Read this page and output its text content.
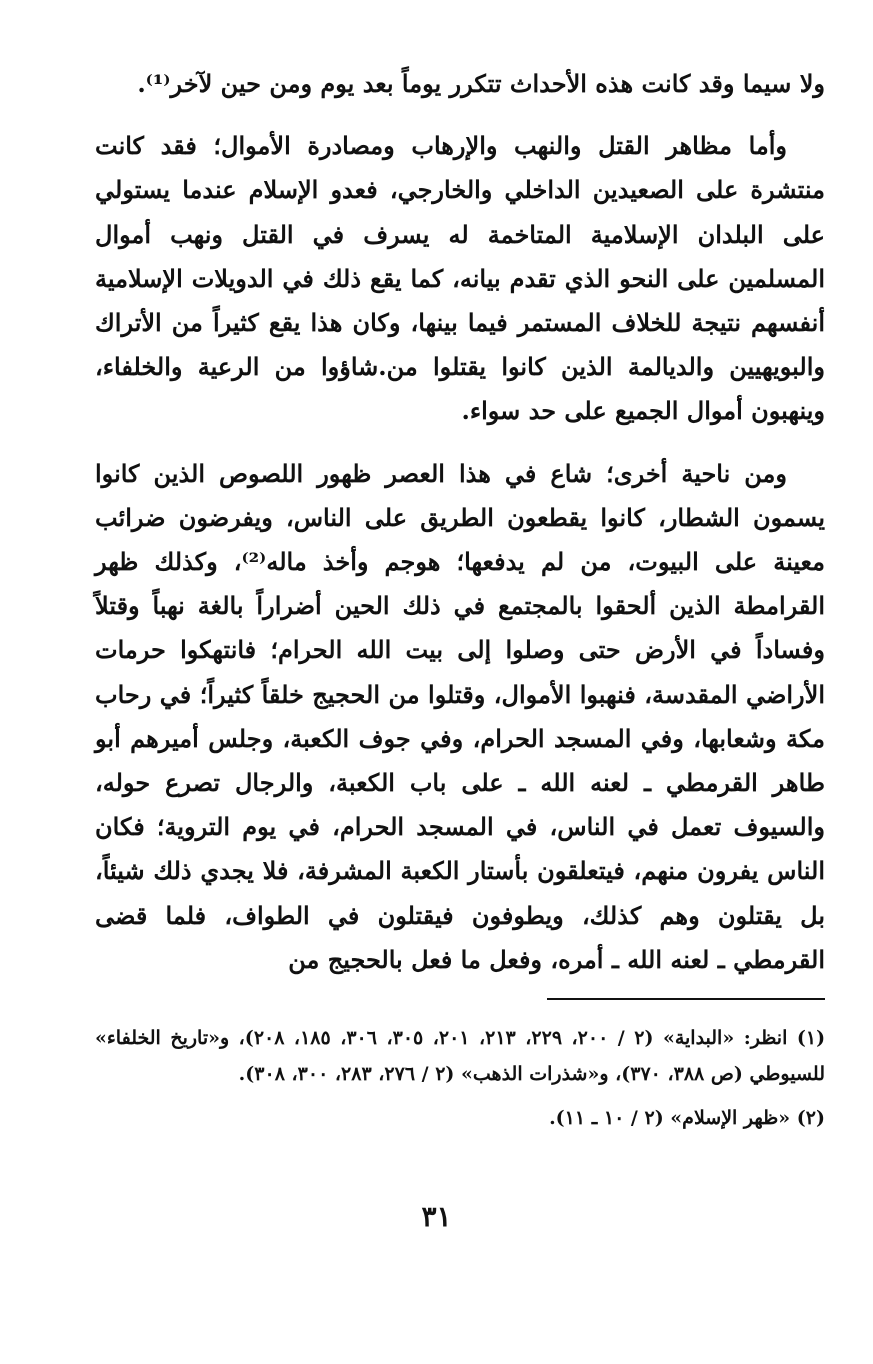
ولا سيما وقد كانت هذه الأحداث تتكرر يوماً بعد يوم ومن حين لآخر⁽¹⁾.

وأما مظاهر القتل والنهب والإرهاب ومصادرة الأموال؛ فقد كانت منتشرة على الصعيدين الداخلي والخارجي، فعدو الإسلام عندما يستولي على البلدان الإسلامية المتاخمة له يسرف في القتل ونهب أموال المسلمين على النحو الذي تقدم بيانه، كما يقع ذلك في الدويلات الإسلامية أنفسهم نتيجة للخلاف المستمر فيما بينها، وكان هذا يقع كثيراً من الأتراك والبويهيين والديالمة الذين كانوا يقتلوا من.شاؤوا من الرعية والخلفاء، وينهبون أموال الجميع على حد سواء.

ومن ناحية أخرى؛ شاع في هذا العصر ظهور اللصوص الذين كانوا يسمون الشطار، كانوا يقطعون الطريق على الناس، ويفرضون ضرائب معينة على البيوت، من لم يدفعها؛ هوجم وأخذ ماله⁽²⁾، وكذلك ظهر القرامطة الذين ألحقوا بالمجتمع في ذلك الحين أضراراً بالغة نهباً وقتلاً وفساداً في الأرض حتى وصلوا إلى بيت الله الحرام؛ فانتهكوا حرمات الأراضي المقدسة، فنهبوا الأموال، وقتلوا من الحجيج خلقاً كثيراً؛ في رحاب مكة وشعابها، وفي المسجد الحرام، وفي جوف الكعبة، وجلس أميرهم أبو طاهر القرمطي ـ لعنه الله ـ على باب الكعبة، والرجال تصرع حوله، والسيوف تعمل في الناس، في المسجد الحرام، في يوم التروية؛ فكان الناس يفرون منهم، فيتعلقون بأستار الكعبة المشرفة، فلا يجدي ذلك شيئاً، بل يقتلون وهم كذلك، ويطوفون فيقتلون في الطواف، فلما قضى القرمطي ـ لعنه الله ـ أمره، وفعل ما فعل بالحجيج من

(١) انظر: «البداية» (٢ / ٢٠٠، ٢٢٩، ٢١٣، ٢٠١، ٣٠٥، ٣٠٦، ١٨٥، ٢٠٨)، و«تاريخ الخلفاء» للسيوطي (ص ٣٨٨، ٣٧٠)، و«شذرات الذهب» (٢ / ٢٧٦، ٢٨٣، ٣٠٠، ٣٠٨).

(٢) «ظهر الإسلام» (٢ / ١٠ ـ ١١).

٣١
